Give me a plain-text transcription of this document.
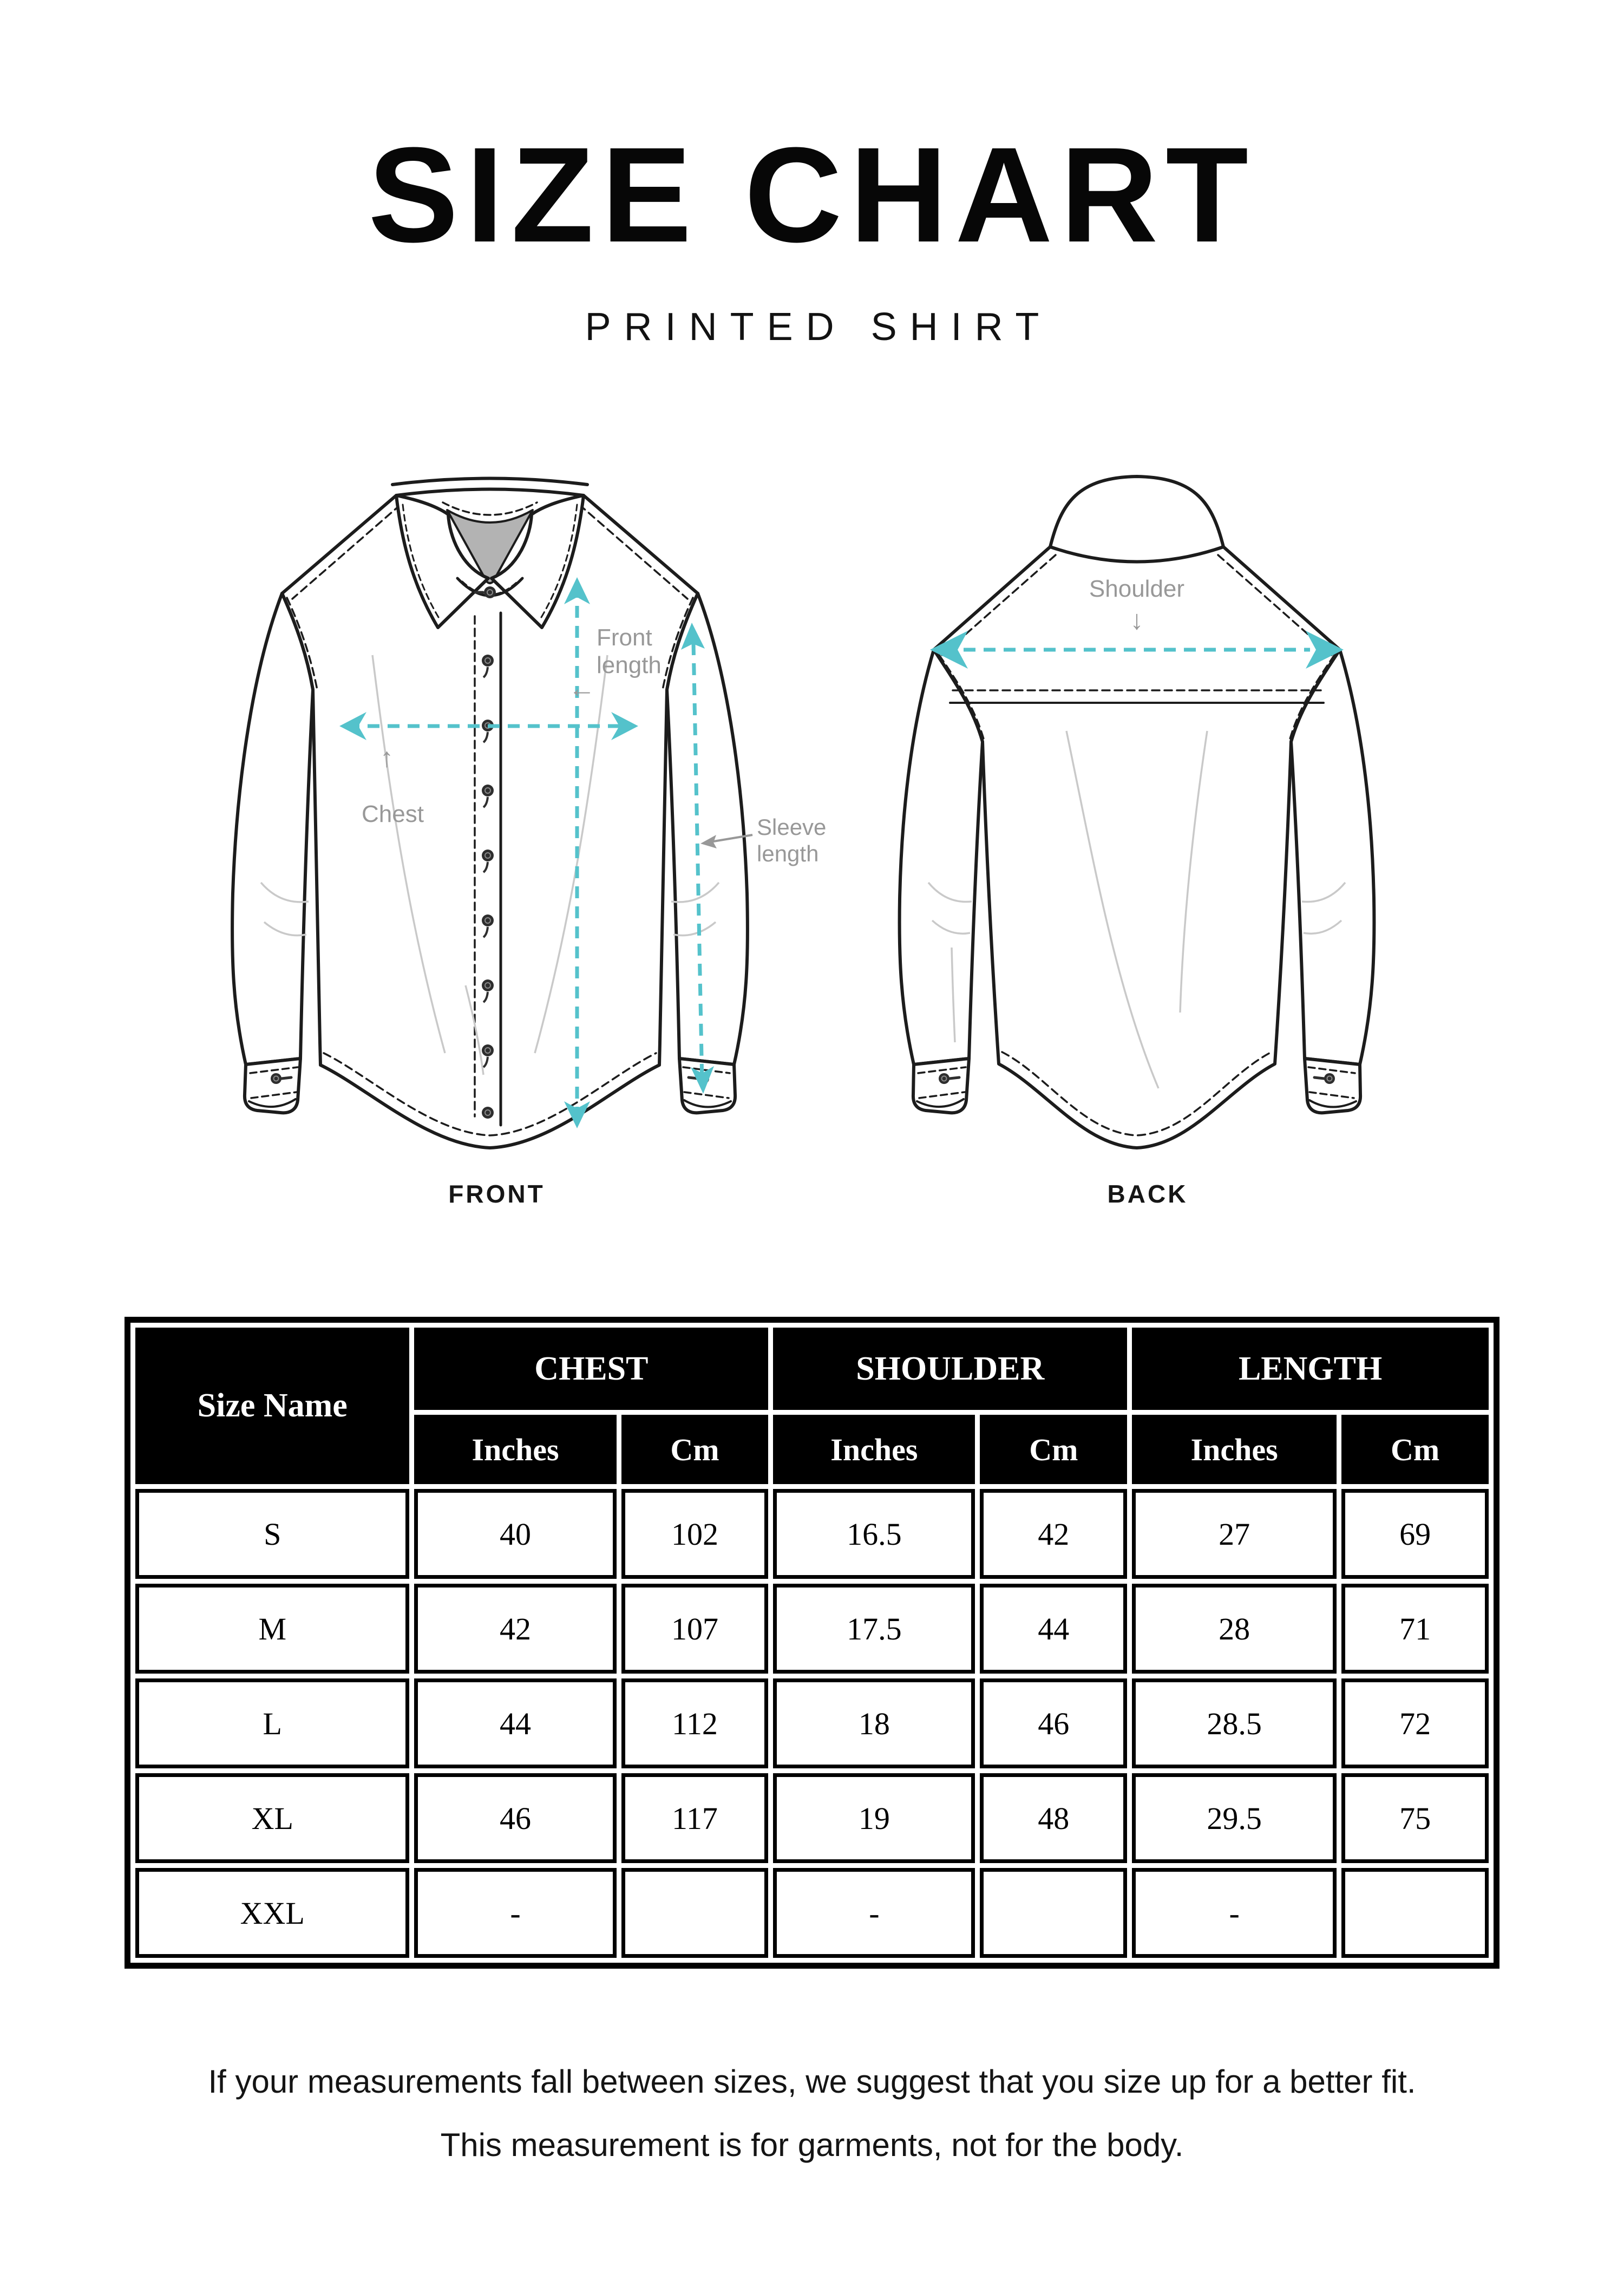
SIZE CHART
PRINTED SHIRT
↑
Chest
←
Front length
Sleeve length
FRONT
Shoulder
↓
BACK
Size Name	CHEST		SHOULDER		LENGTH	
	Inches	Cm	Inches	Cm	Inches	Cm
S	40	102	16.5	42	27	69
M	42	107	17.5	44	28	71
L	44	112	18	46	28.5	72
XL	46	117	19	48	29.5	75
XXL	-		-		-	

If your measurements fall between sizes, we suggest that you size up for a better fit.

This measurement is for garments, not for the body.
